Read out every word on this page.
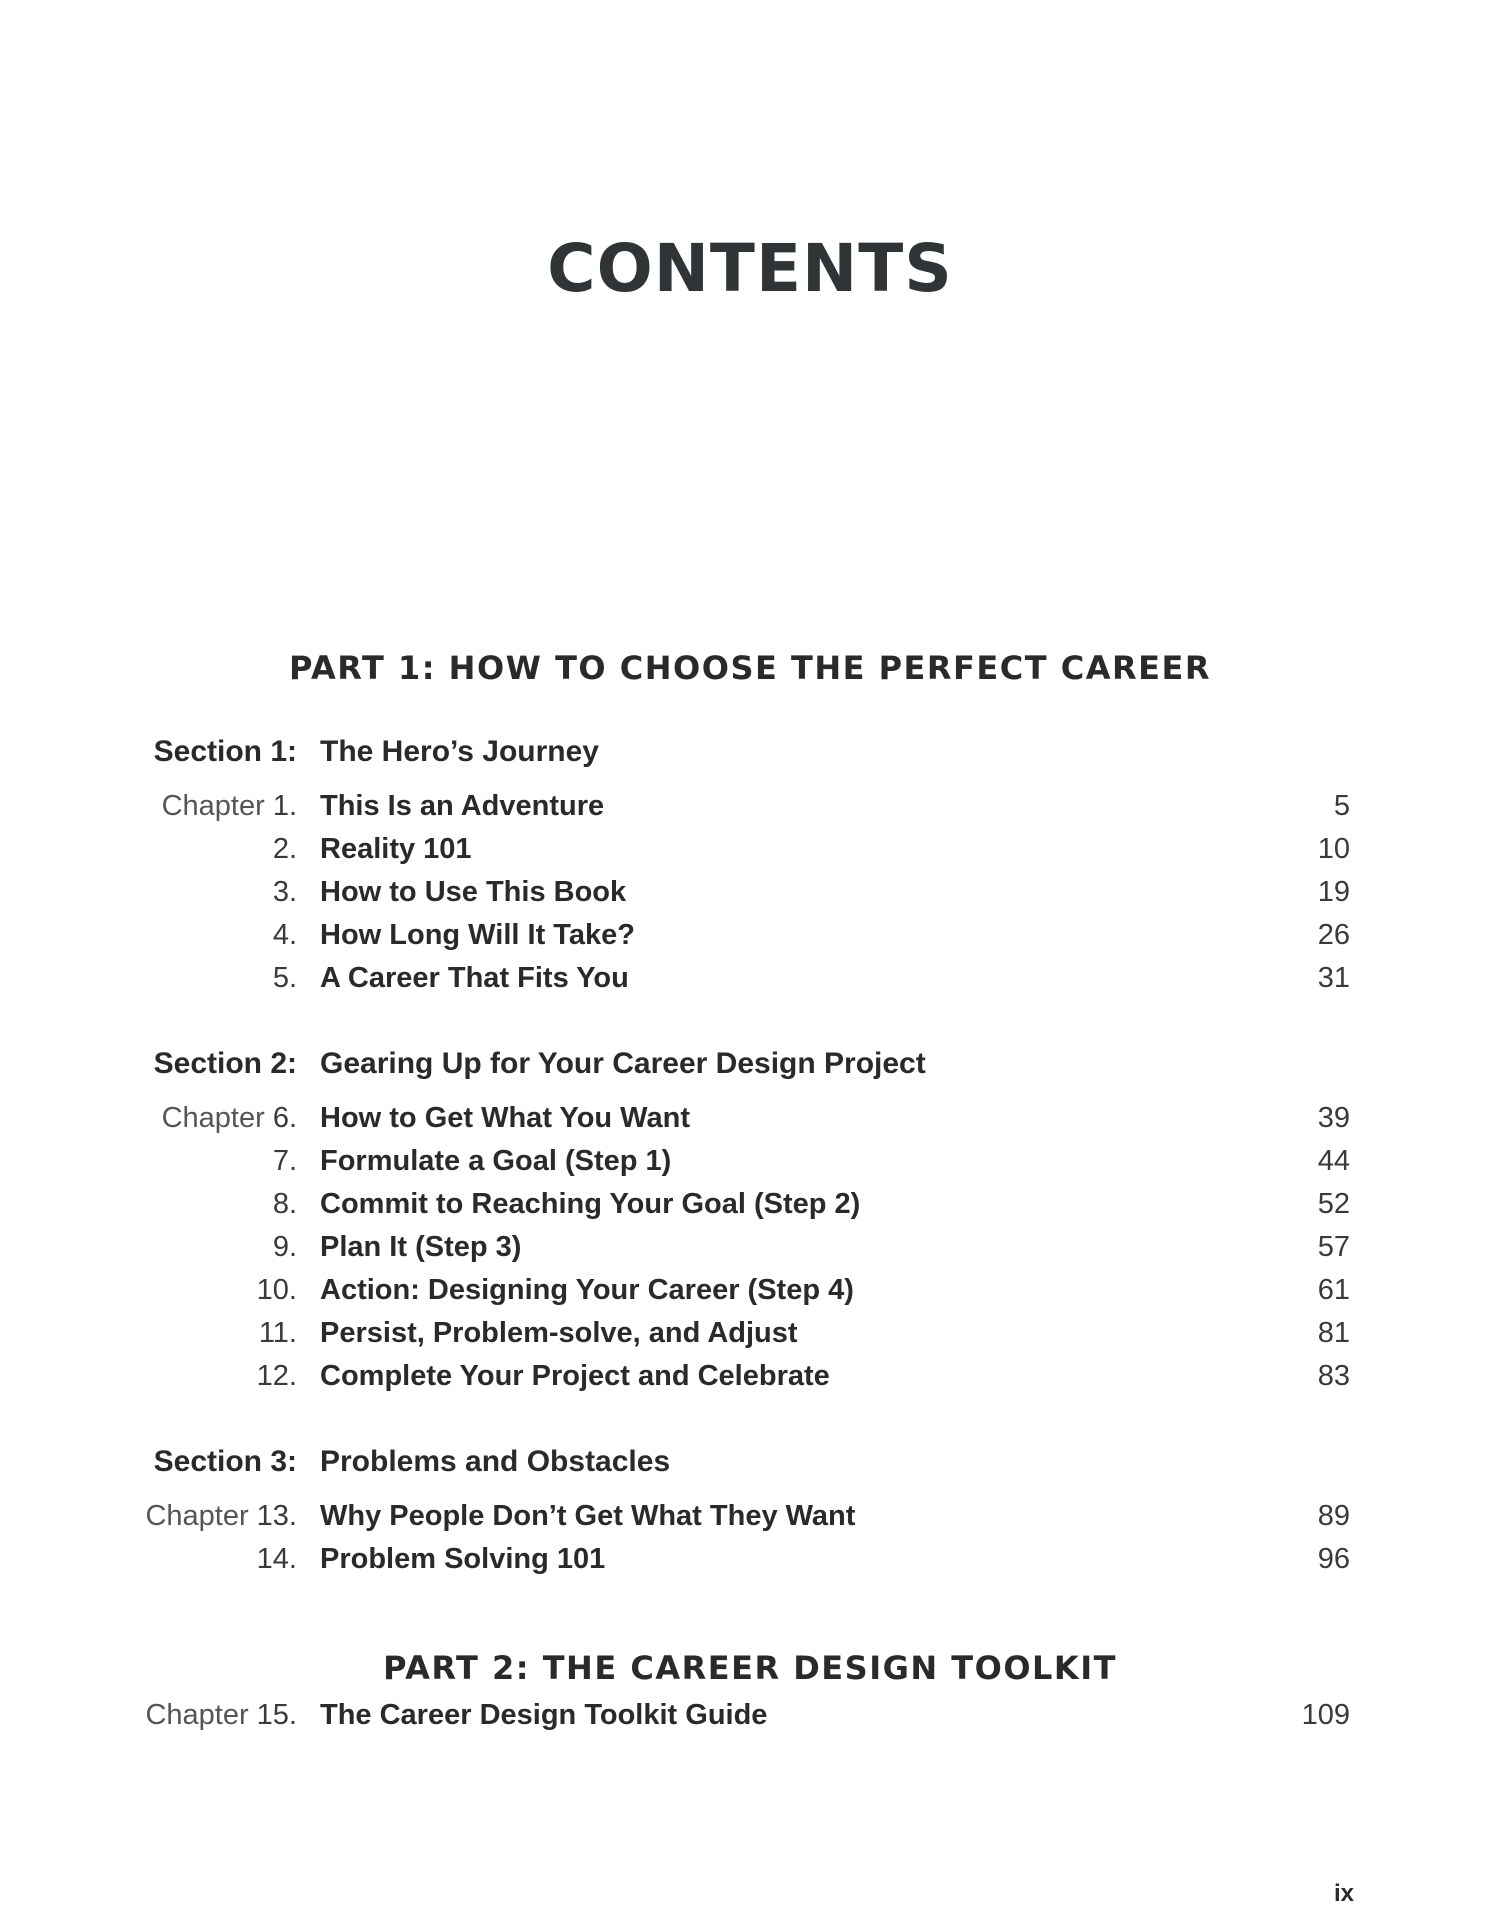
CONTENTS
PART 1: HOW TO CHOOSE THE PERFECT CAREER
Section 1: The Hero’s Journey
Chapter 1. This Is an Adventure	5
2. Reality 101	10
3. How to Use This Book	19
4. How Long Will It Take?	26
5. A Career That Fits You	31
Section 2: Gearing Up for Your Career Design Project
Chapter 6. How to Get What You Want	39
7. Formulate a Goal (Step 1)	44
8. Commit to Reaching Your Goal (Step 2)	52
9. Plan It (Step 3)	57
10. Action: Designing Your Career (Step 4)	61
11. Persist, Problem-solve, and Adjust	81
12. Complete Your Project and Celebrate	83
Section 3: Problems and Obstacles
Chapter 13. Why People Don’t Get What They Want	89
14. Problem Solving 101	96
PART 2: THE CAREER DESIGN TOOLKIT
Chapter 15. The Career Design Toolkit Guide	109
ix
